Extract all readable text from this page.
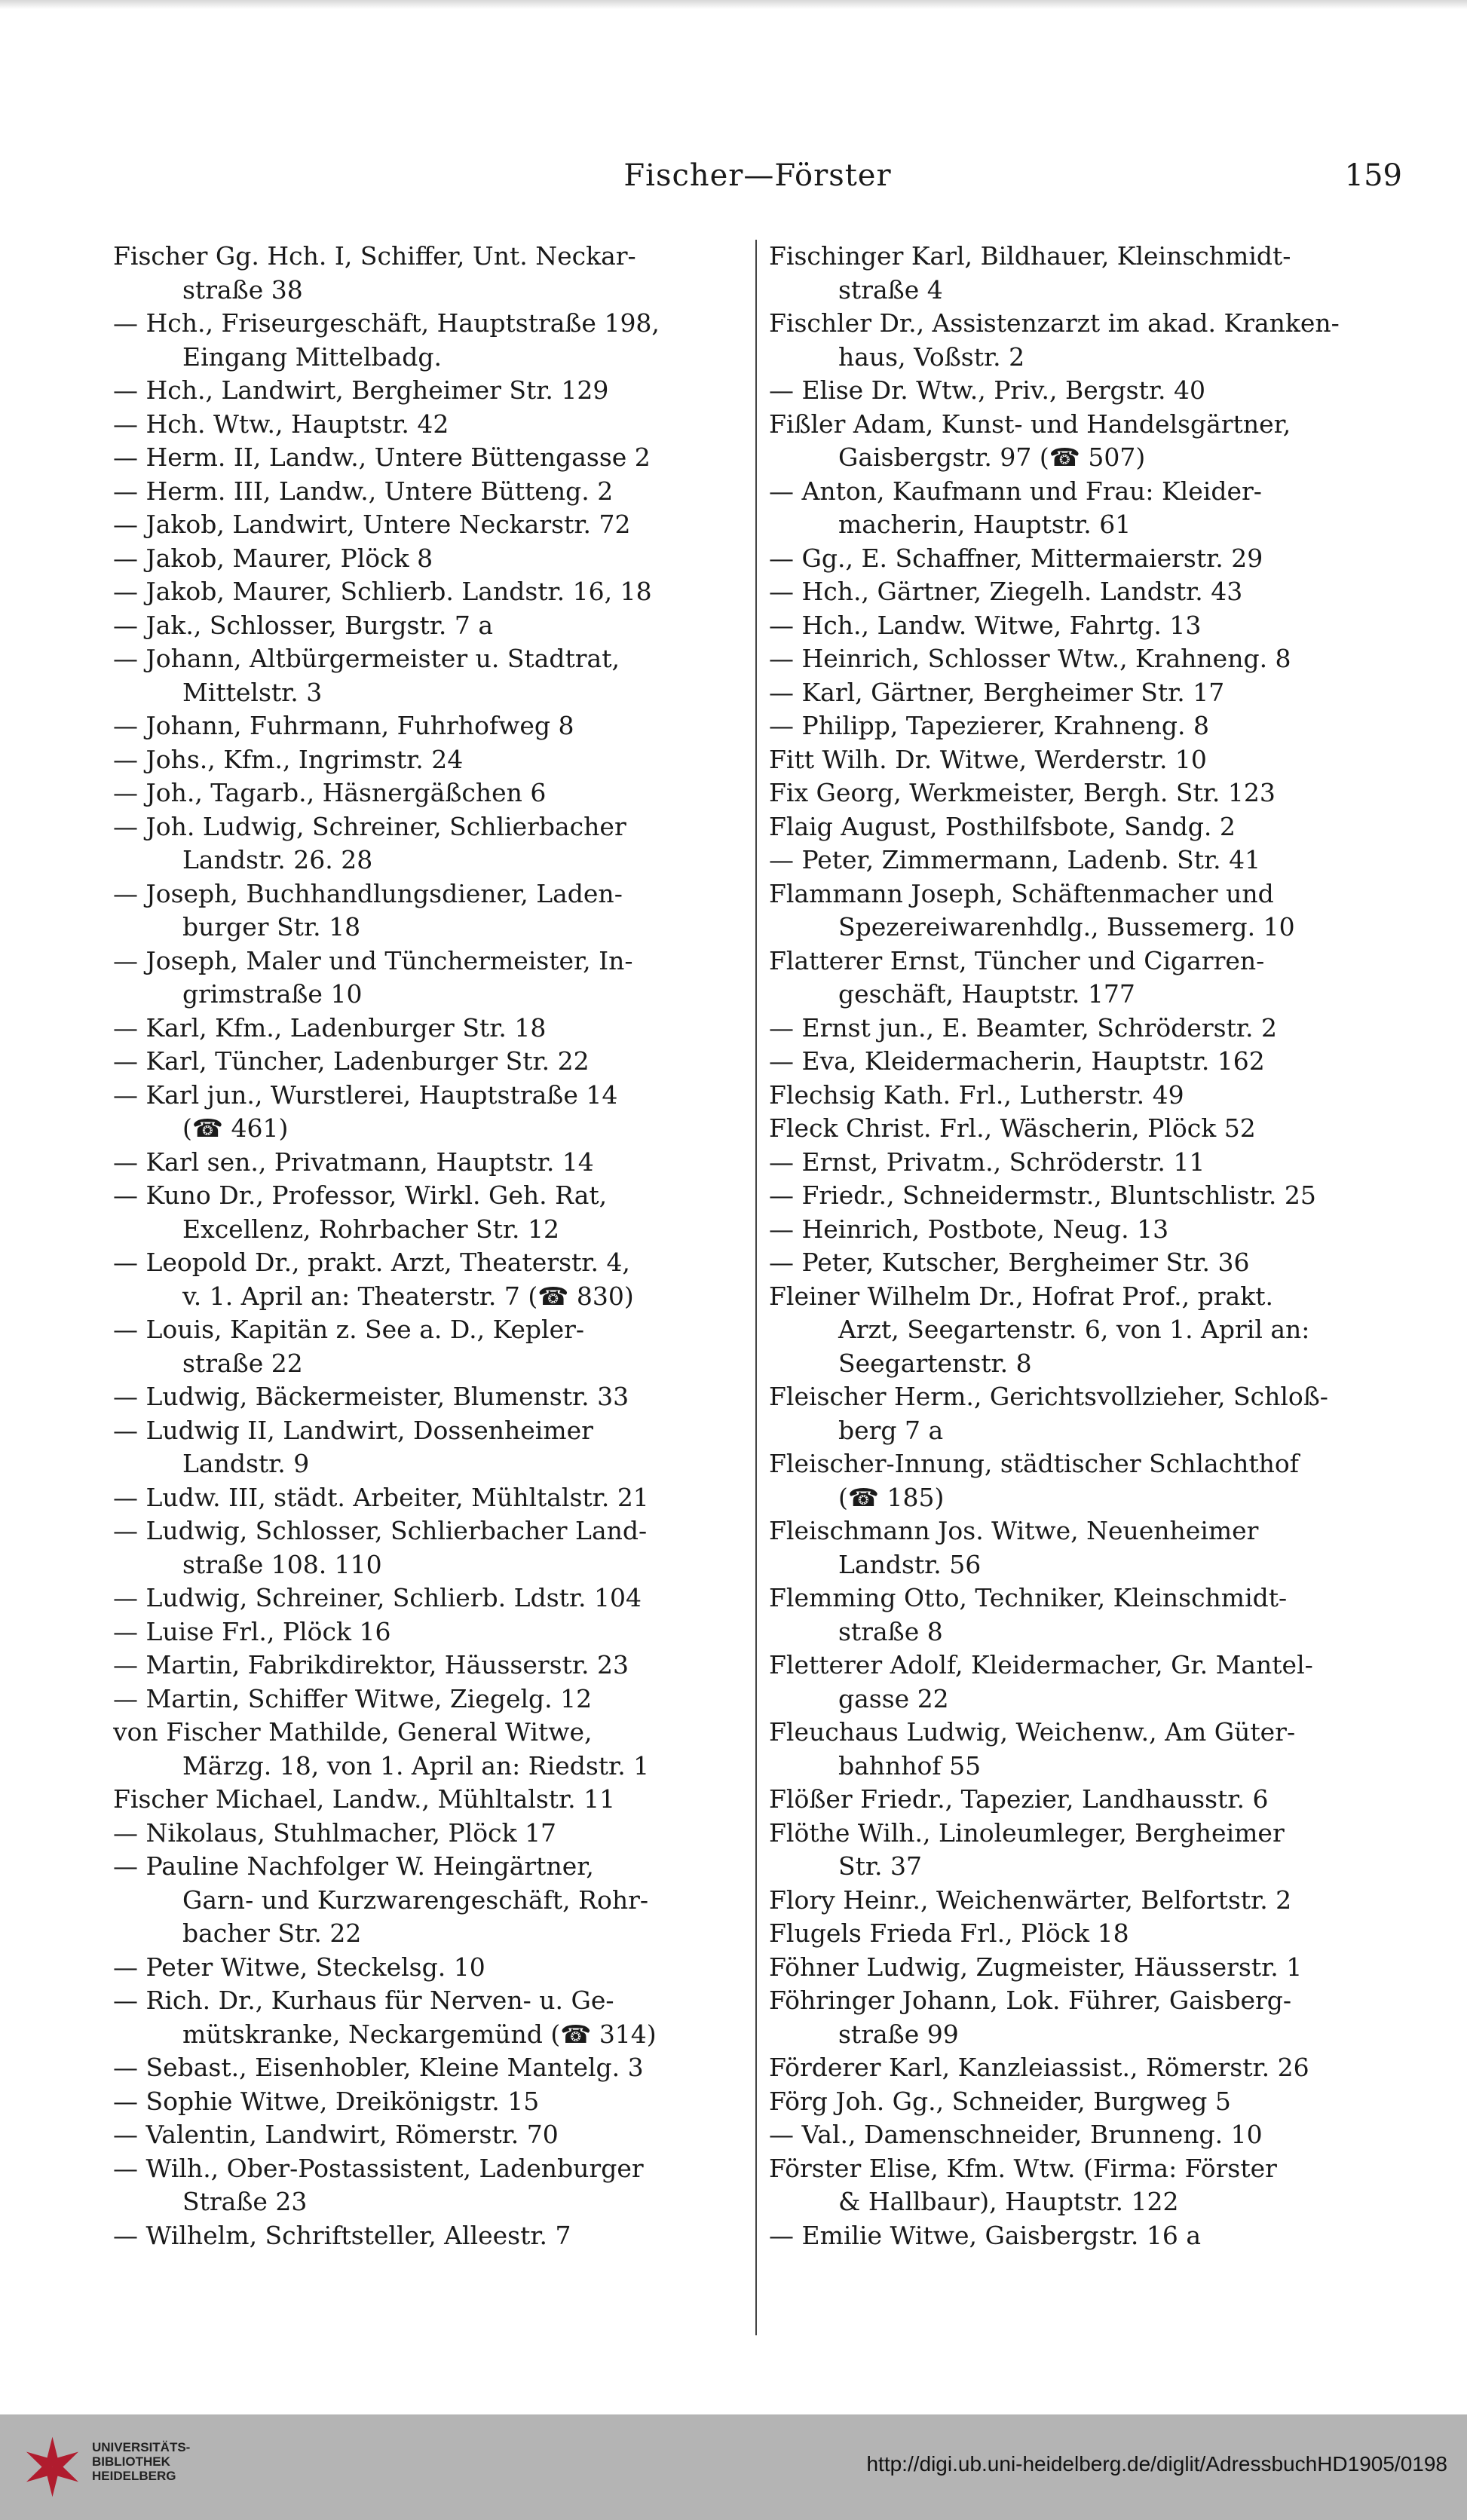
Fischer—Förster	159
Fischer Gg. Hch. I, Schiffer, Unt. Neckar-
straße 38
— Hch., Friseurgeschäft, Hauptstraße 198,
Eingang Mittelbadg.
— Hch., Landwirt, Bergheimer Str. 129
— Hch. Wtw., Hauptstr. 42
— Herm. II, Landw., Untere Büttengasse 2
— Herm. III, Landw., Untere Bütteng. 2
— Jakob, Landwirt, Untere Neckarstr. 72
— Jakob, Maurer, Plöck 8
— Jakob, Maurer, Schlierb. Landstr. 16, 18
— Jak., Schlosser, Burgstr. 7 a
— Johann, Altbürgermeister u. Stadtrat,
Mittelstr. 3
— Johann, Fuhrmann, Fuhrhofweg 8
— Johs., Kfm., Ingrimstr. 24
— Joh., Tagarb., Häsnergäßchen 6
— Joh. Ludwig, Schreiner, Schlierbacher
Landstr. 26. 28
— Joseph, Buchhandlungsdiener, Laden-
burger Str. 18
— Joseph, Maler und Tünchermeister, In-
grimstraße 10
— Karl, Kfm., Ladenburger Str. 18
— Karl, Tüncher, Ladenburger Str. 22
— Karl jun., Wurstlerei, Hauptstraße 14
(☎ 461)
— Karl sen., Privatmann, Hauptstr. 14
— Kuno Dr., Professor, Wirkl. Geh. Rat,
Excellenz, Rohrbacher Str. 12
— Leopold Dr., prakt. Arzt, Theaterstr. 4,
v. 1. April an: Theaterstr. 7 (☎ 830)
— Louis, Kapitän z. See a. D., Kepler-
straße 22
— Ludwig, Bäckermeister, Blumenstr. 33
— Ludwig II, Landwirt, Dossenheimer
Landstr. 9
— Ludw. III, städt. Arbeiter, Mühltalstr. 21
— Ludwig, Schlosser, Schlierbacher Land-
straße 108. 110
— Ludwig, Schreiner, Schlierb. Ldstr. 104
— Luise Frl., Plöck 16
— Martin, Fabrikdirektor, Häusserstr. 23
— Martin, Schiffer Witwe, Ziegelg. 12
von Fischer Mathilde, General Witwe,
Märzg. 18, von 1. April an: Riedstr. 1
Fischer Michael, Landw., Mühltalstr. 11
— Nikolaus, Stuhlmacher, Plöck 17
— Pauline Nachfolger W. Heingärtner,
Garn- und Kurzwarengeschäft, Rohr-
bacher Str. 22
— Peter Witwe, Steckelsg. 10
— Rich. Dr., Kurhaus für Nerven- u. Ge-
mütskranke, Neckargemünd (☎ 314)
— Sebast., Eisenhobler, Kleine Mantelg. 3
— Sophie Witwe, Dreikönigstr. 15
— Valentin, Landwirt, Römerstr. 70
— Wilh., Ober-Postassistent, Ladenburger
Straße 23
— Wilhelm, Schriftsteller, Alleestr. 7
Fischinger Karl, Bildhauer, Kleinschmidt-
straße 4
Fischler Dr., Assistenzarzt im akad. Kranken-
haus, Voßstr. 2
— Elise Dr. Wtw., Priv., Bergstr. 40
Fißler Adam, Kunst- und Handelsgärtner,
Gaisbergstr. 97 (☎ 507)
— Anton, Kaufmann und Frau: Kleider-
macherin, Hauptstr. 61
— Gg., E. Schaffner, Mittermaierstr. 29
— Hch., Gärtner, Ziegelh. Landstr. 43
— Hch., Landw. Witwe, Fahrtg. 13
— Heinrich, Schlosser Wtw., Krahneng. 8
— Karl, Gärtner, Bergheimer Str. 17
— Philipp, Tapezierer, Krahneng. 8
Fitt Wilh. Dr. Witwe, Werderstr. 10
Fix Georg, Werkmeister, Bergh. Str. 123
Flaig August, Posthilfsbote, Sandg. 2
— Peter, Zimmermann, Ladenb. Str. 41
Flammann Joseph, Schäftenmacher und
Spezereiwarenhdlg., Bussemerg. 10
Flatterer Ernst, Tüncher und Cigarren-
geschäft, Hauptstr. 177
— Ernst jun., E. Beamter, Schröderstr. 2
— Eva, Kleidermacherin, Hauptstr. 162
Flechsig Kath. Frl., Lutherstr. 49
Fleck Christ. Frl., Wäscherin, Plöck 52
— Ernst, Privatm., Schröderstr. 11
— Friedr., Schneidermstr., Bluntschlistr. 25
— Heinrich, Postbote, Neug. 13
— Peter, Kutscher, Bergheimer Str. 36
Fleiner Wilhelm Dr., Hofrat Prof., prakt.
Arzt, Seegartenstr. 6, von 1. April an:
Seegartenstr. 8
Fleischer Herm., Gerichtsvollzieher, Schloß-
berg 7 a
Fleischer-Innung, städtischer Schlachthof
(☎ 185)
Fleischmann Jos. Witwe, Neuenheimer
Landstr. 56
Flemming Otto, Techniker, Kleinschmidt-
straße 8
Fletterer Adolf, Kleidermacher, Gr. Mantel-
gasse 22
Fleuchaus Ludwig, Weichenw., Am Güter-
bahnhof 55
Flößer Friedr., Tapezier, Landhausstr. 6
Flöthe Wilh., Linoleumleger, Bergheimer
Str. 37
Flory Heinr., Weichenwärter, Belfortstr. 2
Flugels Frieda Frl., Plöck 18
Föhner Ludwig, Zugmeister, Häusserstr. 1
Föhringer Johann, Lok. Führer, Gaisberg-
straße 99
Förderer Karl, Kanzleiassist., Römerstr. 26
Förg Joh. Gg., Schneider, Burgweg 5
— Val., Damenschneider, Brunneng. 10
Förster Elise, Kfm. Wtw. (Firma: Förster
& Hallbaur), Hauptstr. 122
— Emilie Witwe, Gaisbergstr. 16 a
UNIVERSITÄTS-
BIBLIOTHEK
HEIDELBERG
http://digi.ub.uni-heidelberg.de/diglit/AdressbuchHD1905/0198
